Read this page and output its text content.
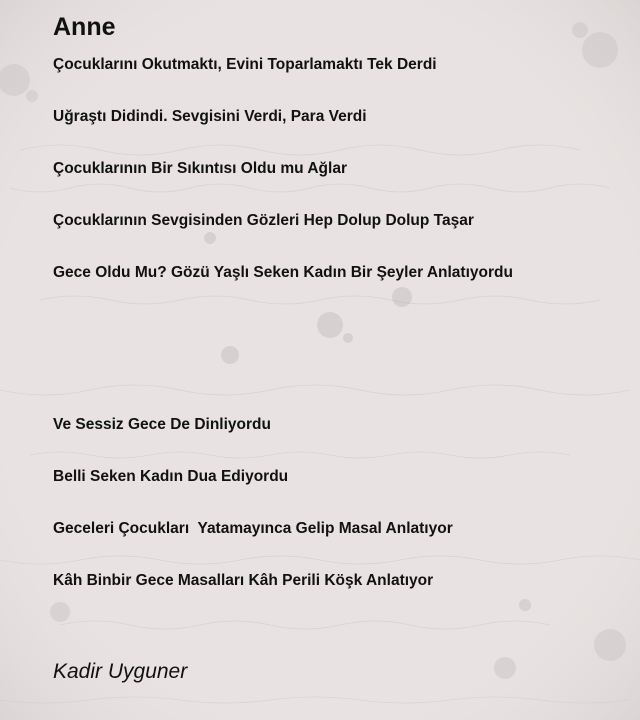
Anne

Çocuklarını Okutmaktı, Evini Toparlamaktı Tek Derdi

Uğraştı Didindi. Sevgisini Verdi, Para Verdi

Çocuklarının Bir Sıkıntısı Oldu mu Ağlar

Çocuklarının Sevgisinden Gözleri Hep Dolup Dolup Taşar

Gece Oldu Mu? Gözü Yaşlı Seken Kadın Bir Şeyler Anlatıyordu

Ve Sessiz Gece De Dinliyordu

Belli Seken Kadın Dua Ediyordu

Geceleri Çocukları  Yatamayınca Gelip Masal Anlatıyor

Kâh Binbir Gece Masalları Kâh Perili Köşk Anlatıyor

Kadir Uyguner
